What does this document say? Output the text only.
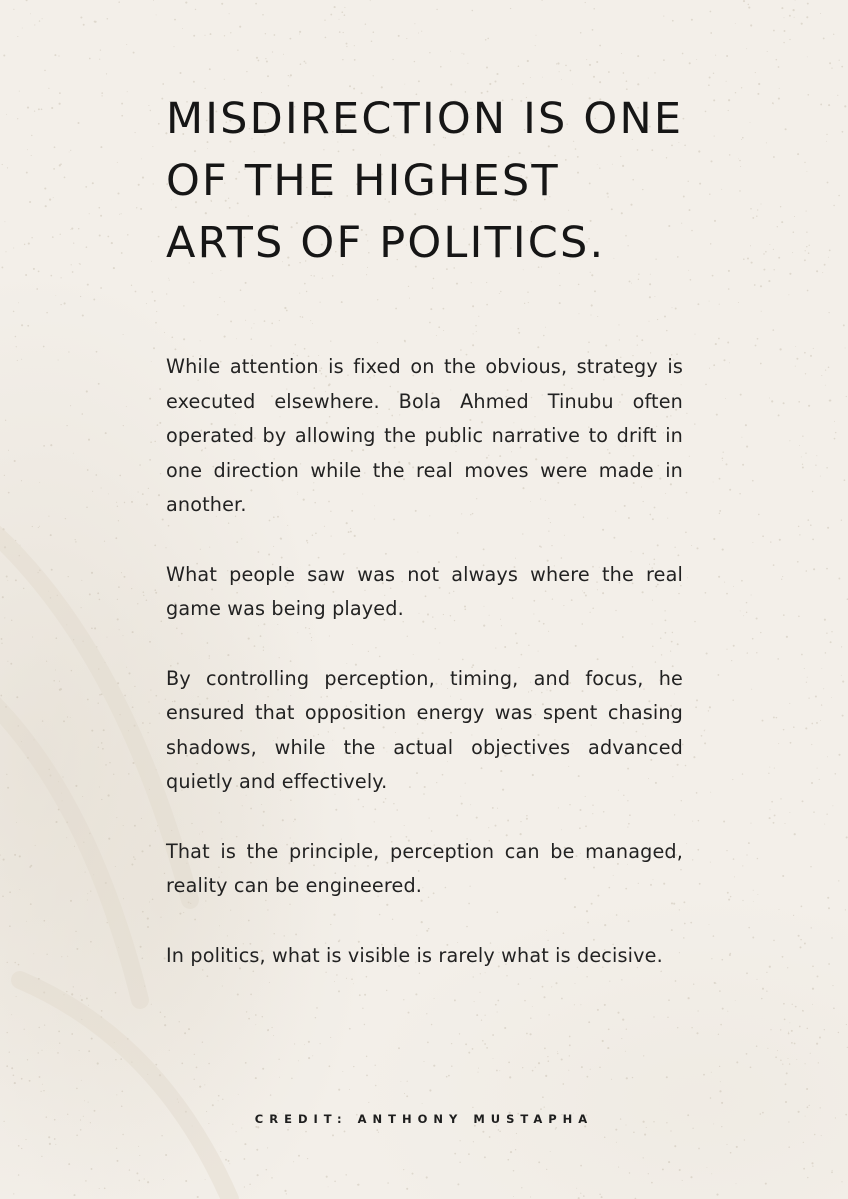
MISDIRECTION IS ONE
OF THE HIGHEST
ARTS OF POLITICS.

While attention is fixed on the obvious, strategy is executed elsewhere. Bola Ahmed Tinubu often operated by allowing the public narrative to drift in one direction while the real moves were made in another.

What people saw was not always where the real game was being played.

By controlling perception, timing, and focus, he ensured that opposition energy was spent chasing shadows, while the actual objectives advanced quietly and effectively.

That is the principle, perception can be managed, reality can be engineered.

In politics, what is visible is rarely what is decisive.

CREDIT: ANTHONY MUSTAPHA
